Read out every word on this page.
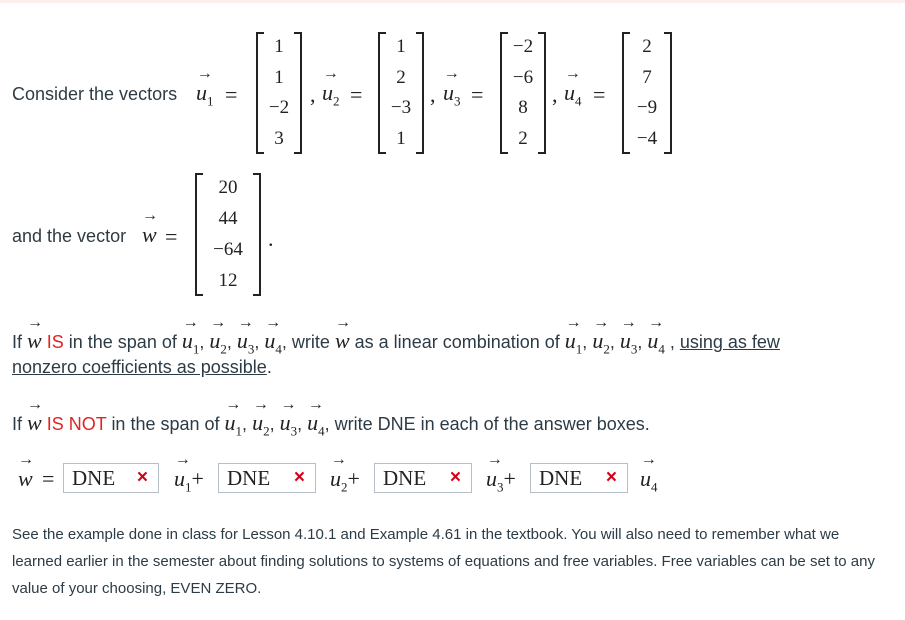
Consider the vectors
→
$u_1$ =
1
1
−2
3
,
→
$u_2$ =
1
2
−3
1
,
→
$u_3$ =
−2
−6
8
2
,
→
$u_4$ =
2
7
−9
−4
and the vector
→
w =
20
44
−64
12
.
If
→
w IS in the span of
→
$u_1$,
→
$u_2$,
→
$u_3$,
→
$u_4$, write
→
w as a linear combination of
→
$u_1$,
→
$u_2$,
→
$u_3$,
→
$u_4$ , using as few
nonzero coefficients as possible.
If
→
w IS NOT in the span of
→
$u_1$,
→
$u_2$,
→
$u_3$,
→
$u_4$, write DNE in each of the answer boxes.
→
w = DNE ×
→
$u_1+$ DNE ×
→
$u_2+$ DNE ×
→
$u_3+$ DNE ×
→
$u_4$
See the example done in class for Lesson 4.10.1 and Example 4.61 in the textbook. You will also need to remember what we learned earlier in the semester about finding solutions to systems of equations and free variables. Free variables can be set to any value of your choosing, EVEN ZERO.
